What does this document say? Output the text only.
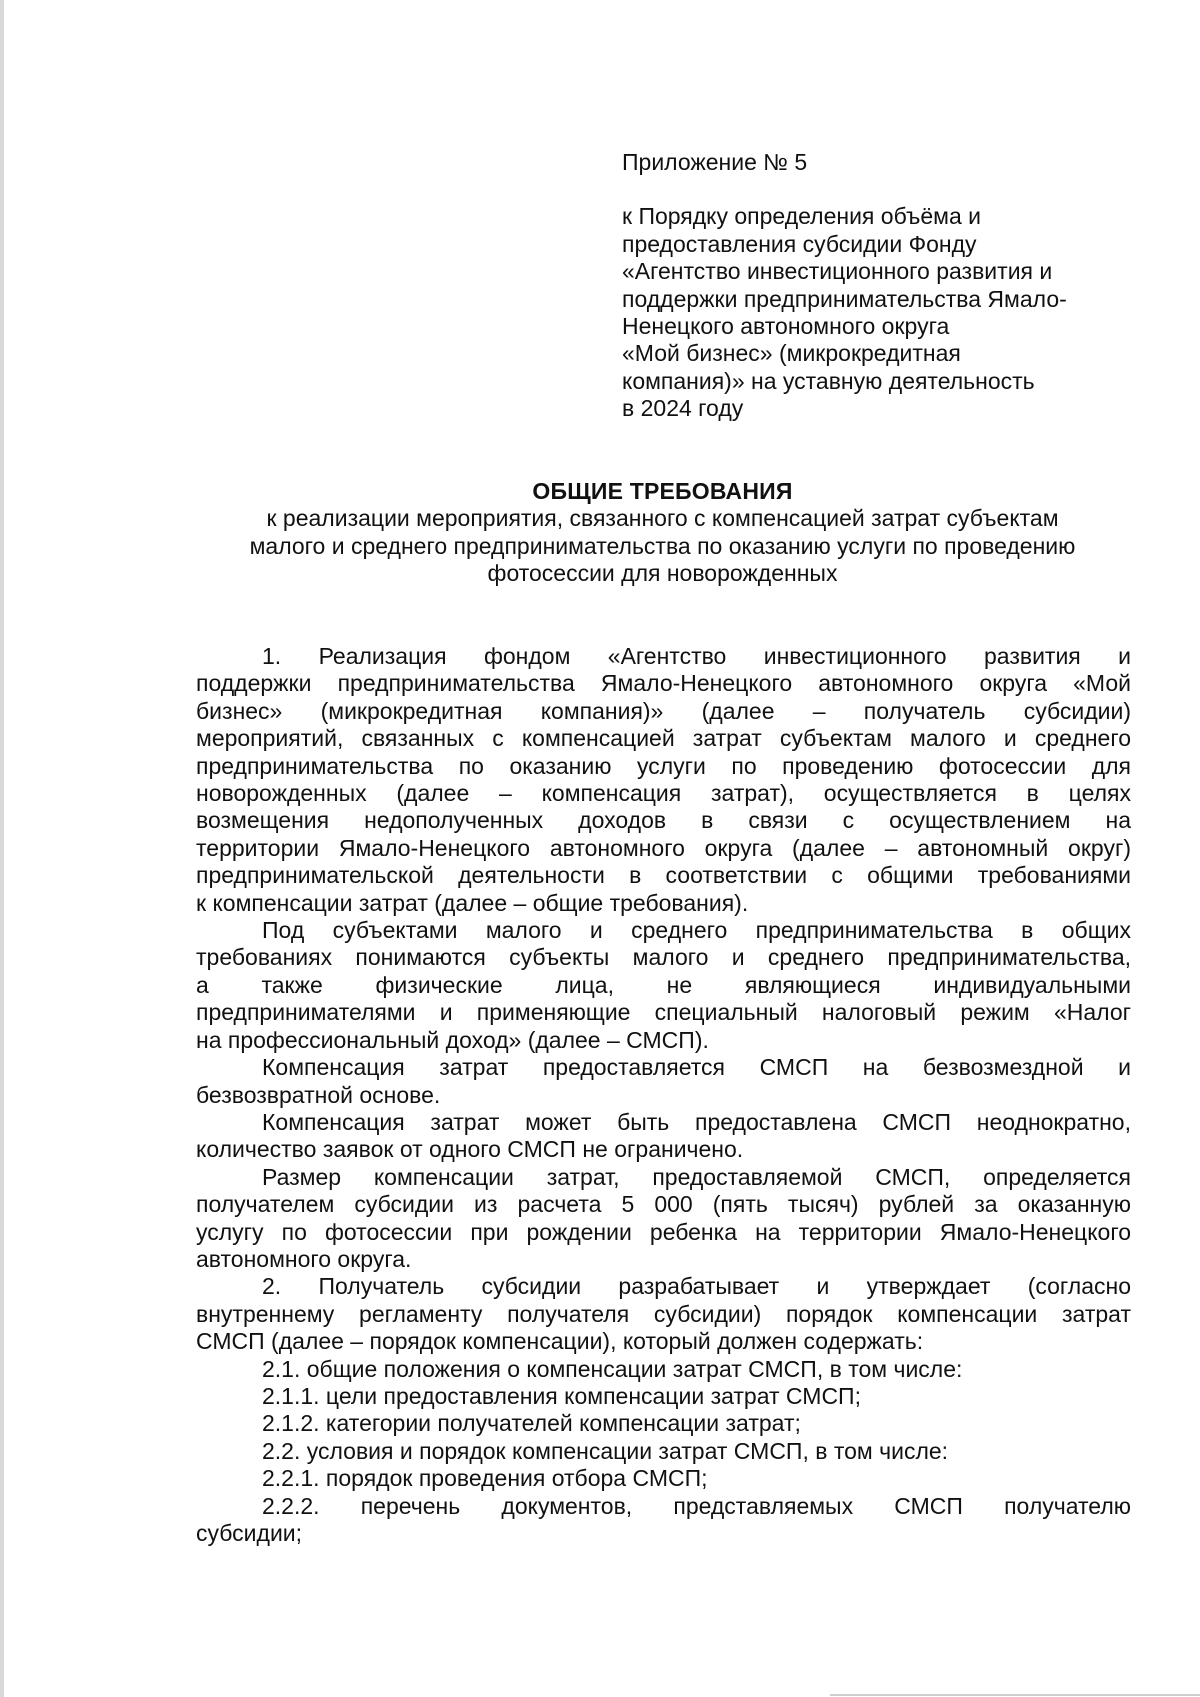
Приложение № 5
к Порядку определения объёма и
предоставления субсидии Фонду
«Агентство инвестиционного развития и
поддержки предпринимательства Ямало-
Ненецкого автономного округа
«Мой бизнес» (микрокредитная
компания)» на уставную деятельность
в 2024 году
ОБЩИЕ ТРЕБОВАНИЯ
к реализации мероприятия, связанного с компенсацией затрат субъектам
малого и среднего предпринимательства по оказанию услуги по проведению
фотосессии для новорожденных
1. Реализация фондом «Агентство инвестиционного развития и
поддержки предпринимательства Ямало-Ненецкого автономного округа «Мой
бизнес» (микрокредитная компания)» (далее – получатель субсидии)
мероприятий, связанных с компенсацией затрат субъектам малого и среднего
предпринимательства по оказанию услуги по проведению фотосессии для
новорожденных (далее – компенсация затрат), осуществляется в целях
возмещения недополученных доходов в связи с осуществлением на
территории Ямало-Ненецкого автономного округа (далее – автономный округ)
предпринимательской деятельности в соответствии с общими требованиями
к компенсации затрат (далее – общие требования).
Под субъектами малого и среднего предпринимательства в общих
требованиях понимаются субъекты малого и среднего предпринимательства,
а также физические лица, не являющиеся индивидуальными
предпринимателями и применяющие специальный налоговый режим «Налог
на профессиональный доход» (далее – СМСП).
Компенсация затрат предоставляется СМСП на безвозмездной и
безвозвратной основе.
Компенсация затрат может быть предоставлена СМСП неоднократно,
количество заявок от одного СМСП не ограничено.
Размер компенсации затрат, предоставляемой СМСП, определяется
получателем субсидии из расчета 5 000 (пять тысяч) рублей за оказанную
услугу по фотосессии при рождении ребенка на территории Ямало-Ненецкого
автономного округа.
2. Получатель субсидии разрабатывает и утверждает (согласно
внутреннему регламенту получателя субсидии) порядок компенсации затрат
СМСП (далее – порядок компенсации), который должен содержать:
2.1. общие положения о компенсации затрат СМСП, в том числе:
2.1.1. цели предоставления компенсации затрат СМСП;
2.1.2. категории получателей компенсации затрат;
2.2. условия и порядок компенсации затрат СМСП, в том числе:
2.2.1. порядок проведения отбора СМСП;
2.2.2. перечень документов, представляемых СМСП получателю
субсидии;
